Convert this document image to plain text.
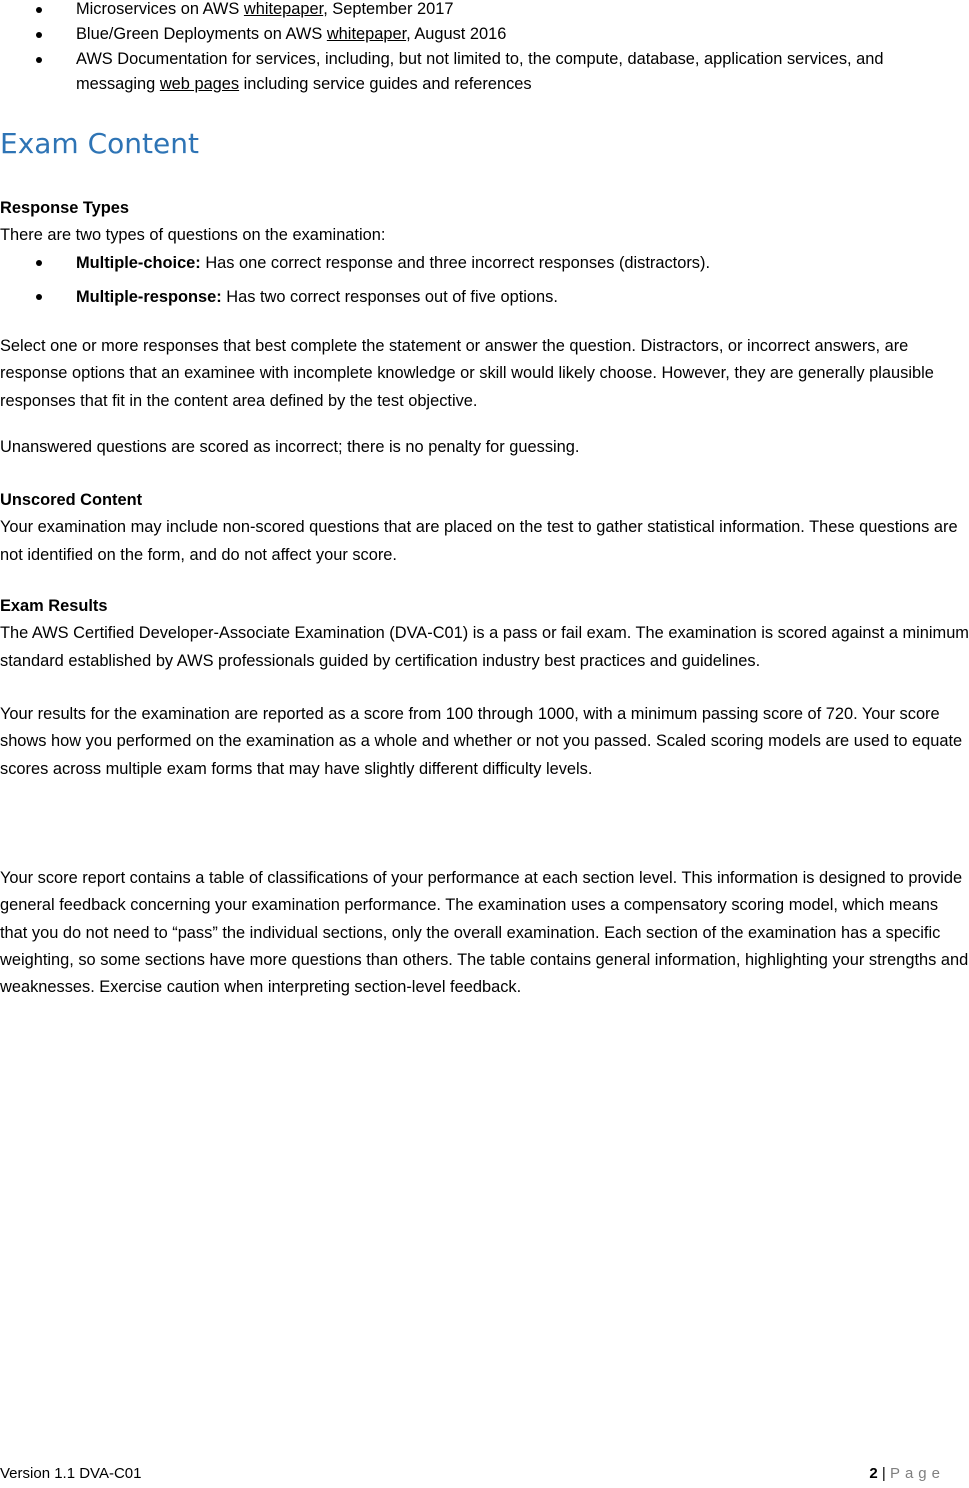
Microservices on AWS whitepaper, September 2017
Blue/Green Deployments on AWS whitepaper, August 2016
AWS Documentation for services, including, but not limited to, the compute, database, application services, and messaging web pages including service guides and references
Exam Content

Response Types

There are two types of questions on the examination:

Multiple-choice: Has one correct response and three incorrect responses (distractors).
Multiple-response: Has two correct responses out of five options.

Select one or more responses that best complete the statement or answer the question. Distractors, or incorrect answers, are response options that an examinee with incomplete knowledge or skill would likely choose. However, they are generally plausible responses that fit in the content area defined by the test objective.

Unanswered questions are scored as incorrect; there is no penalty for guessing.

Unscored Content

Your examination may include non-scored questions that are placed on the test to gather statistical information. These questions are not identified on the form, and do not affect your score.

Exam Results

The AWS Certified Developer-Associate Examination (DVA-C01) is a pass or fail exam. The examination is scored against a minimum standard established by AWS professionals guided by certification industry best practices and guidelines.

Your results for the examination are reported as a score from 100 through 1000, with a minimum passing score of 720. Your score shows how you performed on the examination as a whole and whether or not you passed. Scaled scoring models are used to equate scores across multiple exam forms that may have slightly different difficulty levels.

Your score report contains a table of classifications of your performance at each section level. This information is designed to provide general feedback concerning your examination performance. The examination uses a compensatory scoring model, which means that you do not need to “pass” the individual sections, only the overall examination. Each section of the examination has a specific weighting, so some sections have more questions than others. The table contains general information, highlighting your strengths and weaknesses. Exercise caution when interpreting section-level feedback.

Version 1.1 DVA-C01	2 | Page
